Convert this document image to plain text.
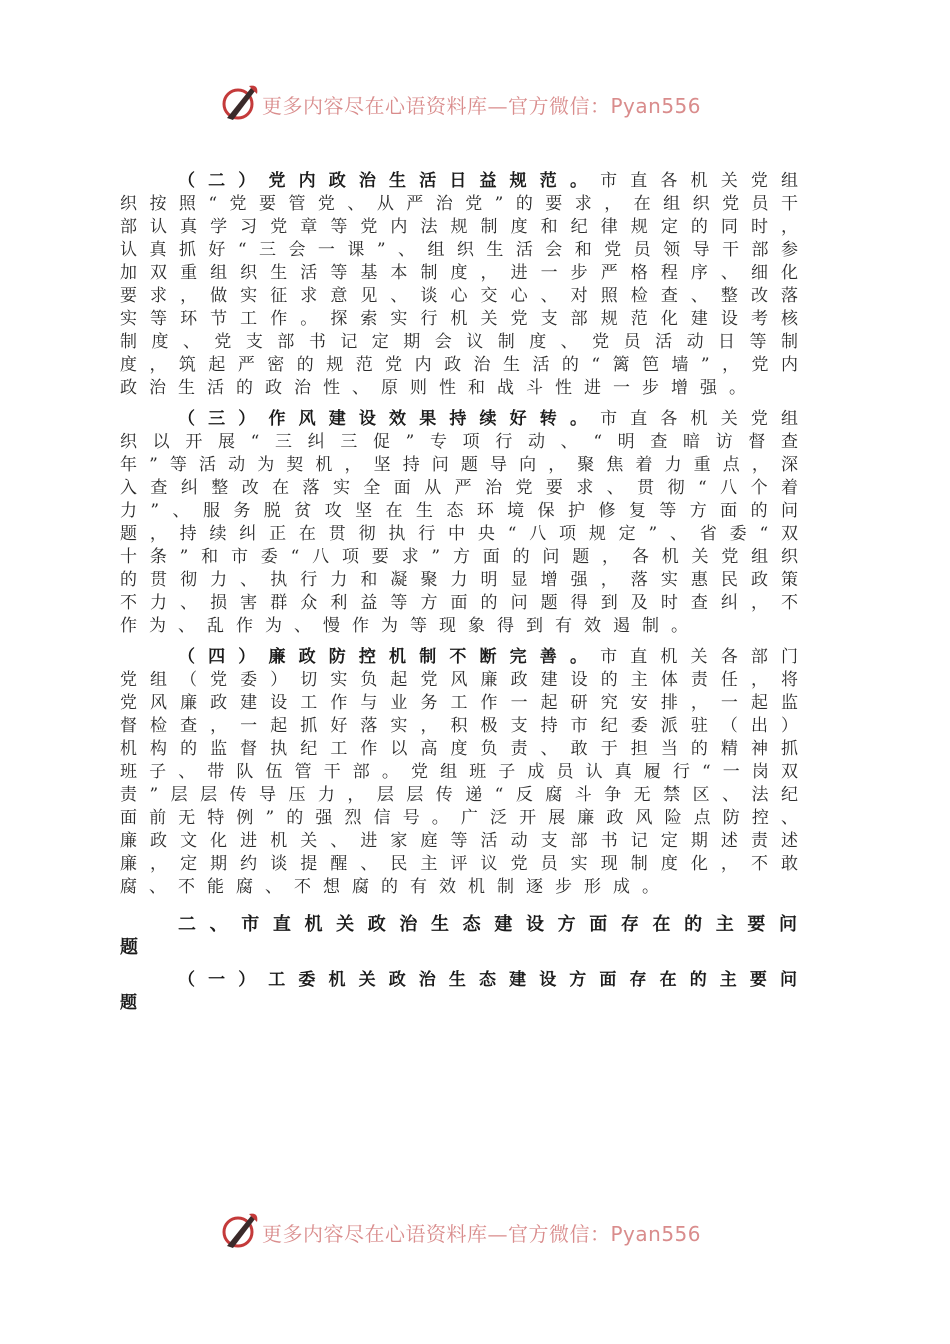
更多内容尽在心语资料库—官方微信：Pyan556

（二）党内政治生活日益规范。市直各机关党组织按照“党要管党、从严治党”的要求，在组织党员干部认真学习党章等党内法规制度和纪律规定的同时，认真抓好“三会一课”、组织生活会和党员领导干部参加双重组织生活等基本制度，进一步严格程序、细化要求，做实征求意见、谈心交心、对照检查、整改落实等环节工作。探索实行机关党支部规范化建设考核制度、党支部书记定期会议制度、党员活动日等制度，筑起严密的规范党内政治生活的“篱笆墙”，党内政治生活的政治性、原则性和战斗性进一步增强。

（三）作风建设效果持续好转。市直各机关党组织以开展“三纠三促”专项行动、“明查暗访督查年”等活动为契机，坚持问题导向，聚焦着力重点，深入查纠整改在落实全面从严治党要求、贯彻“八个着力”、服务脱贫攻坚在生态环境保护修复等方面的问题，持续纠正在贯彻执行中央“八项规定”、省委“双十条”和市委“八项要求”方面的问题，各机关党组织的贯彻力、执行力和凝聚力明显增强，落实惠民政策不力、损害群众利益等方面的问题得到及时查纠，不作为、乱作为、慢作为等现象得到有效遏制。

（四）廉政防控机制不断完善。市直机关各部门党组（党委）切实负起党风廉政建设的主体责任，将党风廉政建设工作与业务工作一起研究安排，一起监督检查，一起抓好落实，积极支持市纪委派驻（出）机构的监督执纪工作以高度负责、敢于担当的精神抓班子、带队伍管干部。党组班子成员认真履行“一岗双责”层层传导压力，层层传递“反腐斗争无禁区、法纪面前无特例”的强烈信号。广泛开展廉政风险点防控、廉政文化进机关、进家庭等活动支部书记定期述责述廉，定期约谈提醒、民主评议党员实现制度化，不敢腐、不能腐、不想腐的有效机制逐步形成。

二、市直机关政治生态建设方面存在的主要问题
（一）工委机关政治生态建设方面存在的主要问题
更多内容尽在心语资料库—官方微信：Pyan556
